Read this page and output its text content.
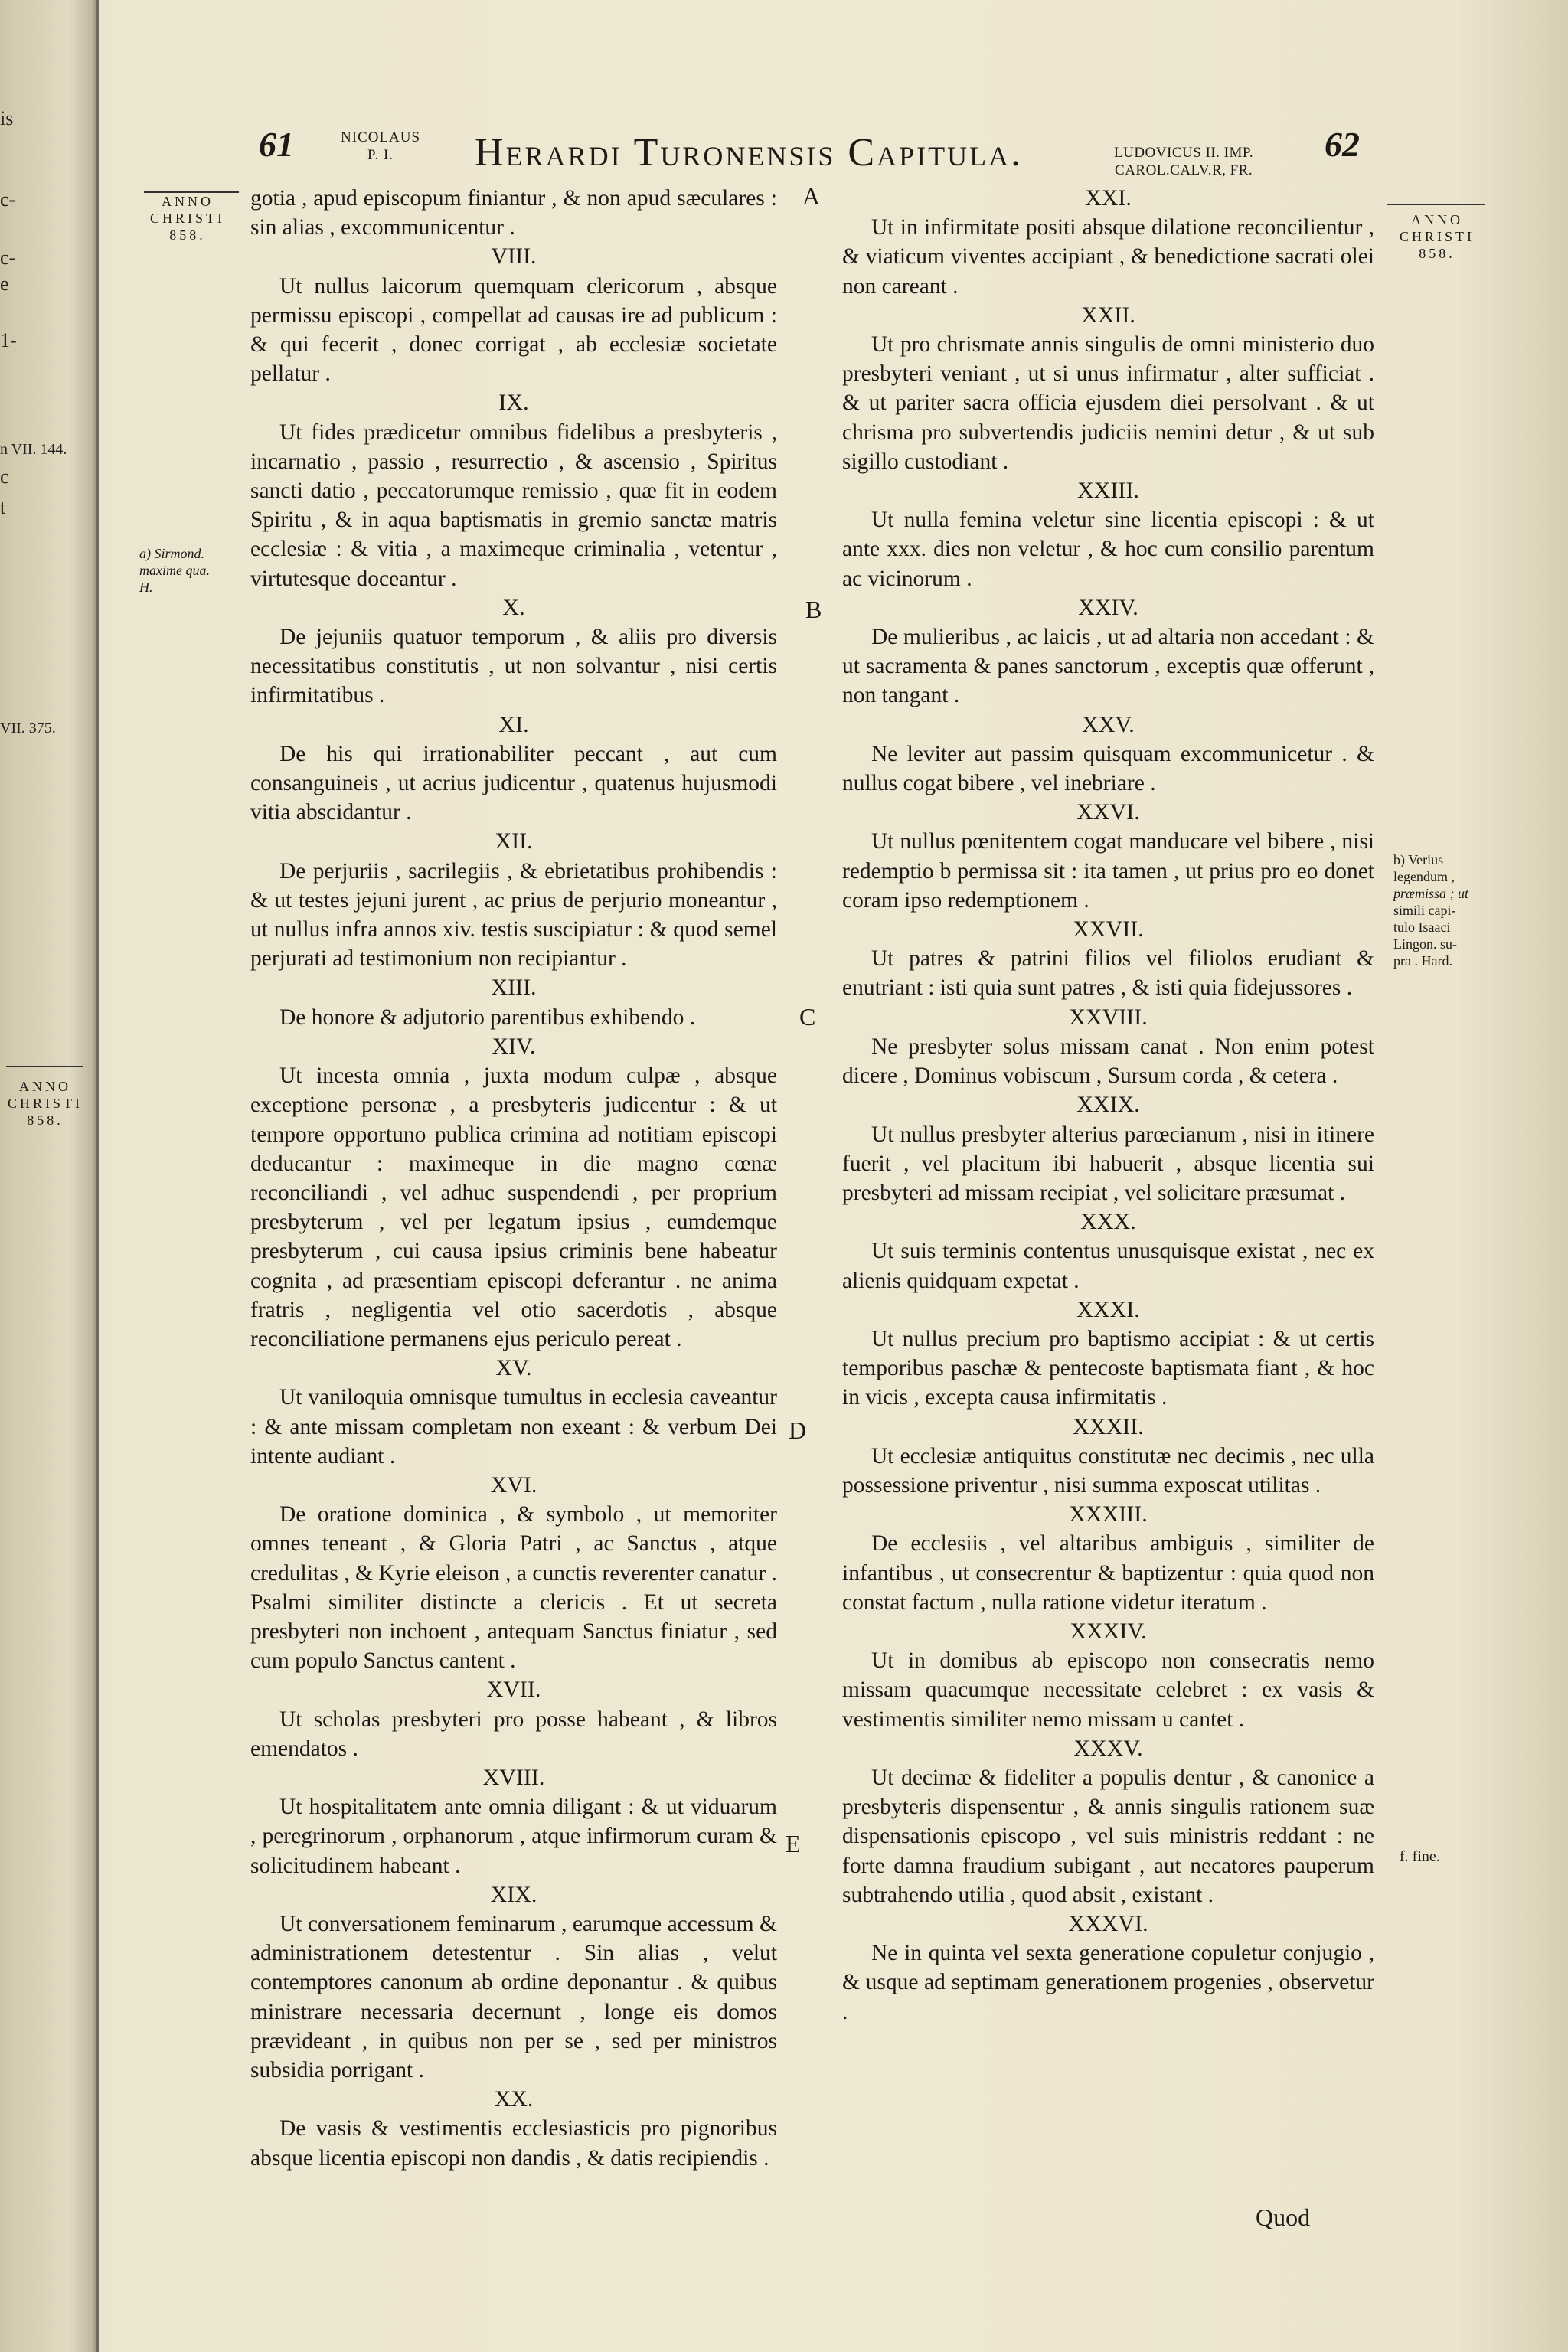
is
c-
c-
e
1-
n VII. 144.
c
t
VII. 375.
61	NICOLAUS
P. I.	Herardi Turonensis Capitula.	LUDOVICUS II. IMP.
CAROL.CALV.R, FR.
62
ANNO
CHRISTI
858.
a) Sirmond.
maxime qua.
H.
ANNO
CHRISTI
858.
ANNO
CHRISTI
858.
b) Verius
legendum ,
præmissa ; ut
simili capi-
tulo Isaaci
Lingon. su-
pra . Hard.
f. fine.
A
B
C
D
E

gotia , apud episcopum finiantur , & non apud sæculares : sin alias , excommunicentur .

VIII.

Ut nullus laicorum quemquam clericorum , absque permissu episcopi , compellat ad causas ire ad publicum : & qui fecerit , donec corrigat , ab ecclesiæ societate pellatur .

IX.

Ut fides prædicetur omnibus fidelibus a presbyteris , incarnatio , passio , resurrectio , & ascensio , Spiritus sancti datio , peccatorumque remissio , quæ fit in eodem Spiritu , & in aqua baptismatis in gremio sanctæ matris ecclesiæ : & vitia , a maximeque criminalia , vetentur , virtutesque doceantur .

X.

De jejuniis quatuor temporum , & aliis pro diversis necessitatibus constitutis , ut non solvantur , nisi certis infirmitatibus .

XI.

De his qui irrationabiliter peccant , aut cum consanguineis , ut acrius judicentur , quatenus hujusmodi vitia abscidantur .

XII.

De perjuriis , sacrilegiis , & ebrietatibus prohibendis : & ut testes jejuni jurent , ac prius de perjurio moneantur , ut nullus infra annos xiv. testis suscipiatur : & quod semel perjurati ad testimonium non recipiantur .

XIII.

De honore & adjutorio parentibus exhibendo .

XIV.

Ut incesta omnia , juxta modum culpæ , absque exceptione personæ , a presbyteris judicentur : & ut tempore opportuno publica crimina ad notitiam episcopi deducantur : maximeque in die magno cœnæ reconciliandi , vel adhuc suspendendi , per proprium presbyterum , vel per legatum ipsius , eumdemque presbyterum , cui causa ipsius criminis bene habeatur cognita , ad præsentiam episcopi deferantur . ne anima fratris , negligentia vel otio sacerdotis , absque reconciliatione permanens ejus periculo pereat .

XV.

Ut vaniloquia omnisque tumultus in ecclesia caveantur : & ante missam completam non exeant : & verbum Dei intente audiant .

XVI.

De oratione dominica , & symbolo , ut memoriter omnes teneant , & Gloria Patri , ac Sanctus , atque credulitas , & Kyrie eleison , a cunctis reverenter canatur . Psalmi similiter distincte a clericis . Et ut secreta presbyteri non inchoent , antequam Sanctus finiatur , sed cum populo Sanctus cantent .

XVII.

Ut scholas presbyteri pro posse habeant , & libros emendatos .

XVIII.

Ut hospitalitatem ante omnia diligant : & ut viduarum , peregrinorum , orphanorum , atque infirmorum curam & solicitudinem habeant .

XIX.

Ut conversationem feminarum , earumque accessum & administrationem detestentur . Sin alias , velut contemptores canonum ab ordine deponantur . & quibus ministrare necessaria decernunt , longe eis domos prævideant , in quibus non per se , sed per ministros subsidia porrigant .

XX.

De vasis & vestimentis ecclesiasticis pro pignoribus absque licentia episcopi non dandis , & datis recipiendis .

XXI.

Ut in infirmitate positi absque dilatione reconcilientur , & viaticum viventes accipiant , & benedictione sacrati olei non careant .

XXII.

Ut pro chrismate annis singulis de omni ministerio duo presbyteri veniant , ut si unus infirmatur , alter sufficiat . & ut pariter sacra officia ejusdem diei persolvant . & ut chrisma pro subvertendis judiciis nemini detur , & ut sub sigillo custodiant .

XXIII.

Ut nulla femina veletur sine licentia episcopi : & ut ante xxx. dies non veletur , & hoc cum consilio parentum ac vicinorum .

XXIV.

De mulieribus , ac laicis , ut ad altaria non accedant : & ut sacramenta & panes sanctorum , exceptis quæ offerunt , non tangant .

XXV.

Ne leviter aut passim quisquam excommunicetur . & nullus cogat bibere , vel inebriare .

XXVI.

Ut nullus pœnitentem cogat manducare vel bibere , nisi redemptio b permissa sit : ita tamen , ut prius pro eo donet coram ipso redemptionem .

XXVII.

Ut patres & patrini filios vel filiolos erudiant & enutriant : isti quia sunt patres , & isti quia fidejussores .

XXVIII.

Ne presbyter solus missam canat . Non enim potest dicere , Dominus vobiscum , Sursum corda , & cetera .

XXIX.

Ut nullus presbyter alterius parœcianum , nisi in itinere fuerit , vel placitum ibi habuerit , absque licentia sui presbyteri ad missam recipiat , vel solicitare præsumat .

XXX.

Ut suis terminis contentus unusquisque existat , nec ex alienis quidquam expetat .

XXXI.

Ut nullus precium pro baptismo accipiat : & ut certis temporibus paschæ & pentecoste baptismata fiant , & hoc in vicis , excepta causa infirmitatis .

XXXII.

Ut ecclesiæ antiquitus constitutæ nec decimis , nec ulla possessione priventur , nisi summa exposcat utilitas .

XXXIII.

De ecclesiis , vel altaribus ambiguis , similiter de infantibus , ut consecrentur & baptizentur : quia quod non constat factum , nulla ratione videtur iteratum .

XXXIV.

Ut in domibus ab episcopo non consecratis nemo missam quacumque necessitate celebret : ex vasis & vestimentis similiter nemo missam u cantet .

XXXV.

Ut decimæ & fideliter a populis dentur , & canonice a presbyteris dispensentur , & annis singulis rationem suæ dispensationis episcopo , vel suis ministris reddant : ne forte damna fraudium subigant , aut necatores pauperum subtrahendo utilia , quod absit , existant .

XXXVI.

Ne in quinta vel sexta generatione copuletur conjugio , & usque ad septimam generationem progenies , observetur .

Quod
